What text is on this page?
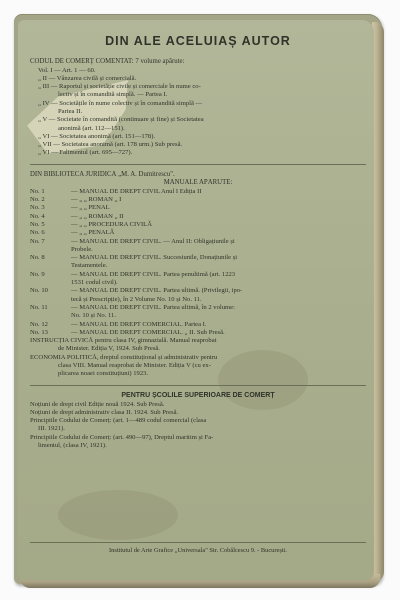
DIN ALE ACELUIAȘ AUTOR
CODUL DE COMERȚ COMENTAT: 7 volume apărute:
Vol. I — Art. 1 — 60.
„ II — Vânzarea civilă și comercială.
„ III — Raportul și societăție civile și comerciale în nume co-
lectiv și în comandită simplă. — Partea I.
„ IV — Societățile în nume colectiv și în comandită simplă —
Partea II.
„ V — Societate în comandită (continuare și fine) și Societatea
anonimă (art. 112—151).
„ VI — Societatea anonimă (art. 151—178).
„ VII — Societatea anonimă (art. 178 urm.) Sub presă.
„ VI — Falimentul (art. 695—727).
DIN BIBLIOTECA JURIDICĂ „M. A. Dumitrescu".
MANUALE APĂRUTE:
No. 1	— MANUAL DE DREPT CIVIL Anul I Ediția II
No. 2	— „ „ ROMAN „ I
No. 3	— „ „ PENAL
No. 4	— „ „ ROMAN „ II
No. 5	— „ „ PROCEDURA CIVILĂ
No. 6	— „ „ PENALĂ
No. 7	— MANUAL DE DREPT CIVIL. — Anul II: Obligațiunile și
Probele.
No. 8	— MANUAL DE DREPT CIVIL. Succesiunile, Donațiunile și
Testamentele.
No. 9	— MANUAL DE DREPT CIVIL. Partea penultimă (art. 1223
1531 codul civil).
No. 10	— MANUAL DE DREPT CIVIL. Partea ultimă. (Privilegii, ipo-
tecă și Prescripție), în 2 Volume No. 10 și No. 11.
No. 11	— MANUAL DE DREPT CIVIL. Partea ultimă, în 2 volume:
No. 10 și No. 11.
No. 12	— MANUAL DE DREPT COMERCIAL. Partea I.
No. 13	— MANUAL DE DREPT COMERCIAL. „ II. Sub Presă.
INSTRUCȚIA CIVICĂ pentru clasa IV, gimnazială. Manual reaprobat
de Minister. Ediția V, 1924. Sub Presă.
ECONOMIA POLITICĂ, dreptul constituțional și administrativ pentru
clasa VIII. Manual reaprobat de Minister. Ediția V (cu ex-
plicarea noaei constituțiuni) 1923.
PENTRU ȘCOLILE SUPERIOARE DE COMERȚ
Noțiuni de drept civil Ediție nouă 1924. Sub Presă.
Noțiuni de drept administrativ clasa II. 1924. Sub Presă.
Principiile Codului de Comerț: (art. 1—489 codul comercial (clasa
III. 1921).
Principiile Codului de Comerț: (art. 490—97), Dreptul maritim și Fa-
limentul, (clasa IV, 1921).
Institutul de Arte Grafice „Universala" Str. Cobălcescu 9. - București.
